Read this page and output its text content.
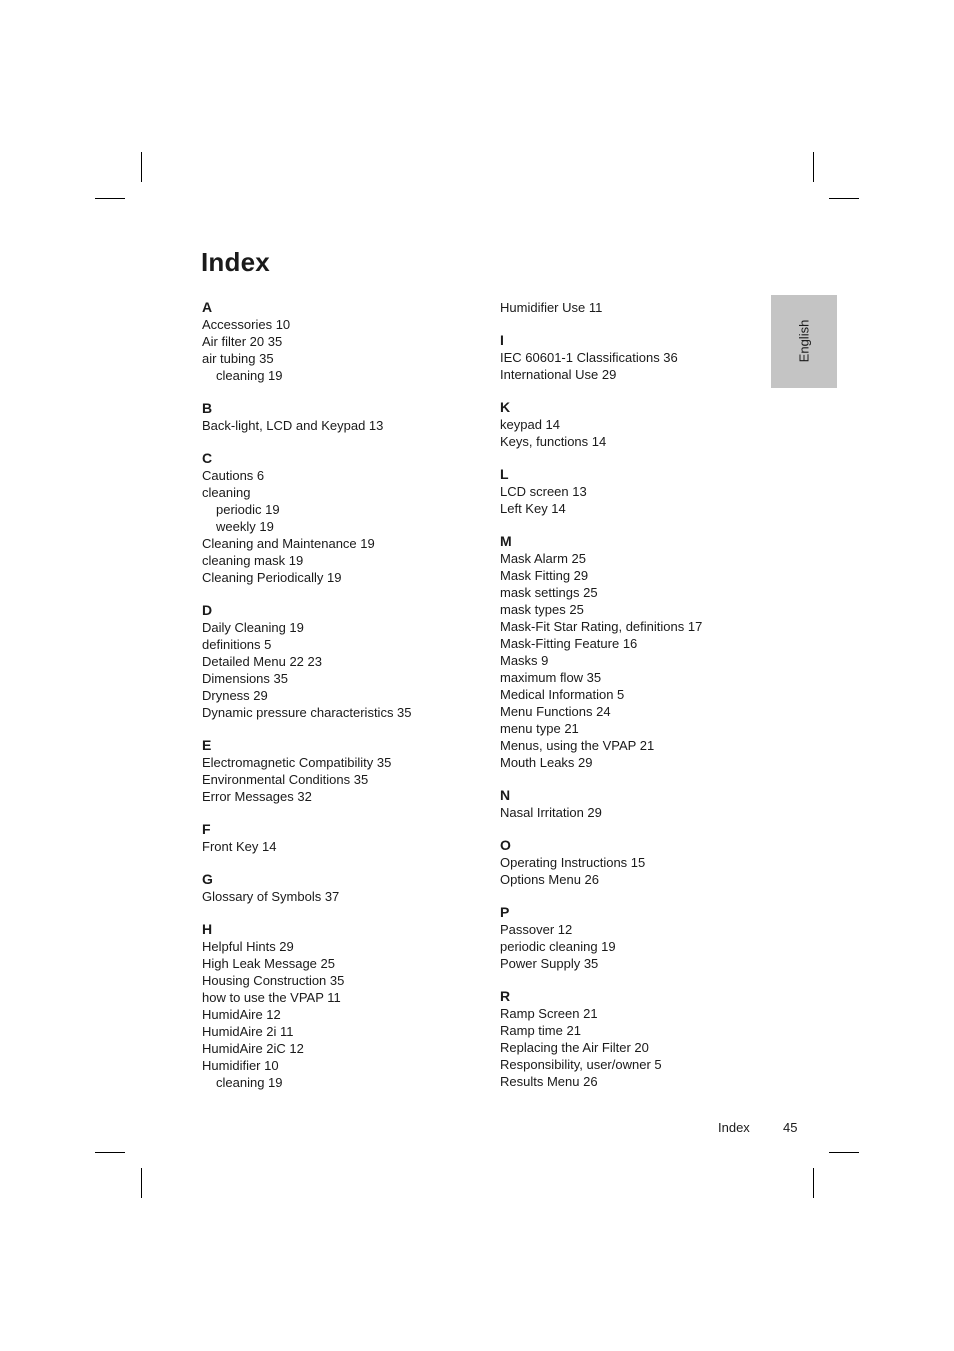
Index
A
Accessories 10
Air filter 20 35
air tubing 35
cleaning 19
B
Back-light, LCD and Keypad 13
C
Cautions 6
cleaning
periodic 19
weekly 19
Cleaning and Maintenance 19
cleaning mask 19
Cleaning Periodically 19
D
Daily Cleaning 19
definitions 5
Detailed Menu 22 23
Dimensions 35
Dryness 29
Dynamic pressure characteristics 35
E
Electromagnetic Compatibility 35
Environmental Conditions 35
Error Messages 32
F
Front Key 14
G
Glossary of Symbols 37
H
Helpful Hints 29
High Leak Message 25
Housing Construction 35
how to use the VPAP 11
HumidAire 12
HumidAire 2i 11
HumidAire 2iC 12
Humidifier 10
cleaning 19
Humidifier Use 11
I
IEC 60601-1 Classifications 36
International Use 29
K
keypad 14
Keys, functions 14
L
LCD screen 13
Left Key 14
M
Mask Alarm 25
Mask Fitting 29
mask settings 25
mask types 25
Mask-Fit Star Rating, definitions 17
Mask-Fitting Feature 16
Masks 9
maximum flow 35
Medical Information 5
Menu Functions 24
menu type 21
Menus, using the VPAP 21
Mouth Leaks 29
N
Nasal Irritation 29
O
Operating Instructions 15
Options Menu 26
P
Passover 12
periodic cleaning 19
Power Supply 35
R
Ramp Screen 21
Ramp time 21
Replacing the Air Filter 20
Responsibility, user/owner 5
Results Menu 26
English
Index	45
